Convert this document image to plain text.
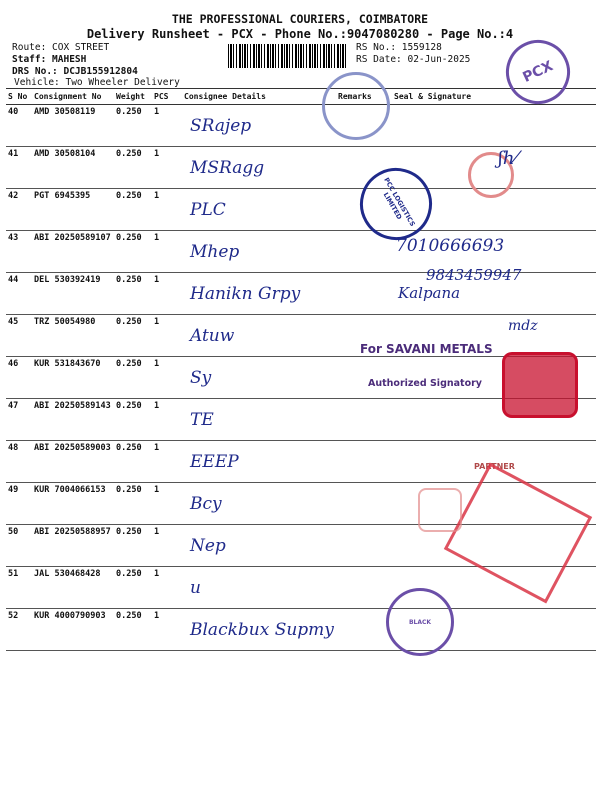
THE PROFESSIONAL COURIERS, COIMBATORE
Delivery Runsheet - PCX - Phone No.:9047080280 - Page No.:4
Route: COX STREET
Staff: MAHESH
DRS No.: DCJB155912804
Vehicle: Two Wheeler Delivery
RS No.: 1559128
RS Date: 02-Jun-2025
S No	Consignment No	Weight	PCS	Consignee Details	Remarks	Seal & Signature
40	AMD 30508119	0.250	1	SRajep		
41	AMD 30508104	0.250	1	MSRagg		
42	PGT 6945395	0.250	1	PLC		
43	ABI 20250589107	0.250	1	Mhep		
44	DEL 530392419	0.250	1	Hanikn Grpy		
45	TRZ 50054980	0.250	1	Atuw		
46	KUR 531843670	0.250	1	Sy		
47	ABI 20250589143	0.250	1	TE		
48	ABI 20250589003	0.250	1	EEEP		
49	KUR 7004066153	0.250	1	Bcy		
50	ABI 20250588957	0.250	1	Nep		
51	JAL 530468428	0.250	1	u		
52	KUR 4000790903	0.250	1	Blackbux Supmy		
PCX
PCC LOGISTICS LIMITED
ʃh⁄
7010666693
9843459947
Kalpana
mdz
For SAVANI METALS
Authorized Signatory
PARTNER
BLACK
